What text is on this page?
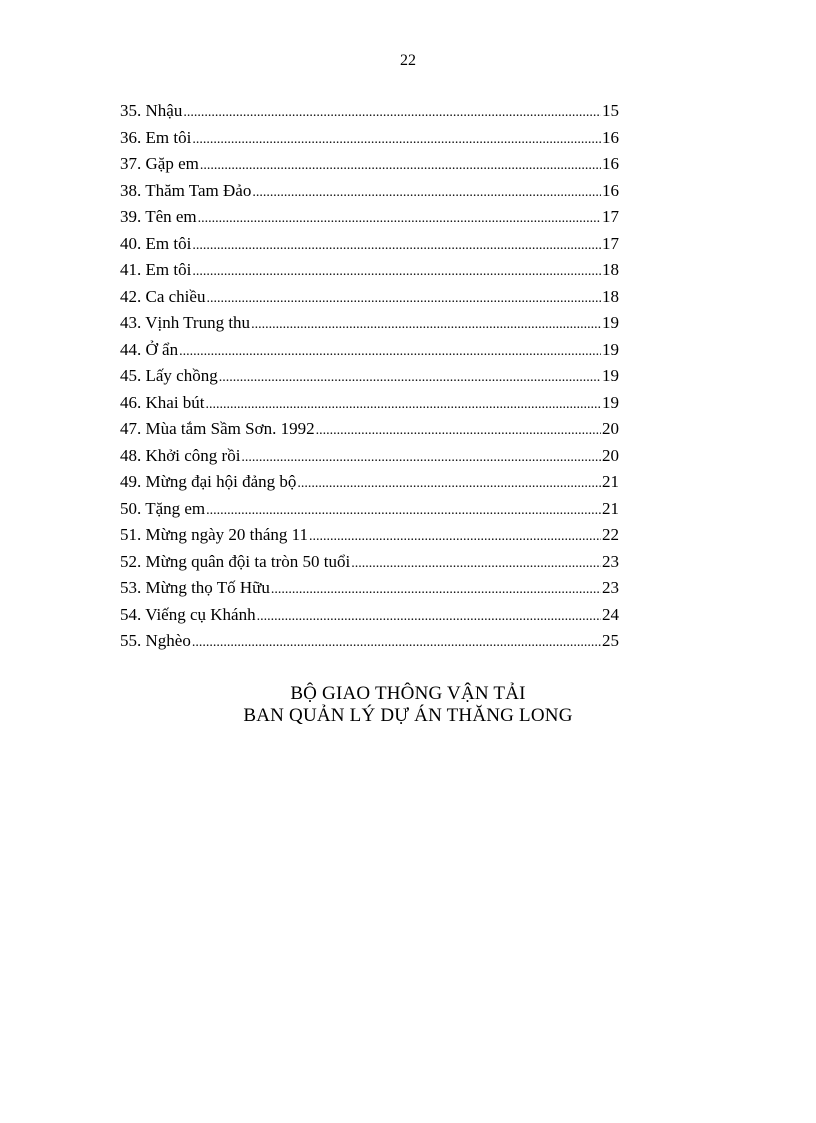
22
35. Nhậu .....	15
36. Em tôi .....	16
37. Gặp em .....	16
38. Thăm Tam Đảo .....	16
39. Tên em .....	17
40. Em tôi .....	17
41. Em tôi .....	18
42. Ca chiều .....	18
43. Vịnh Trung thu .....	19
44. Ở ẩn .....	19
45. Lấy chồng .....	19
46. Khai bút .....	19
47. Mùa tắm Sầm Sơn. 1992 .....	20
48. Khởi công rồi .....	20
49. Mừng đại hội đảng bộ .....	21
50. Tặng em .....	21
51. Mừng ngày 20 tháng 11 .....	22
52. Mừng quân đội ta tròn 50 tuổi .....	23
53. Mừng thọ Tố Hữu .....	23
54. Viếng cụ Khánh .....	24
55. Nghèo .....	25
BỘ GIAO THÔNG VẬN TẢI
BAN QUẢN LÝ DỰ ÁN THĂNG LONG
